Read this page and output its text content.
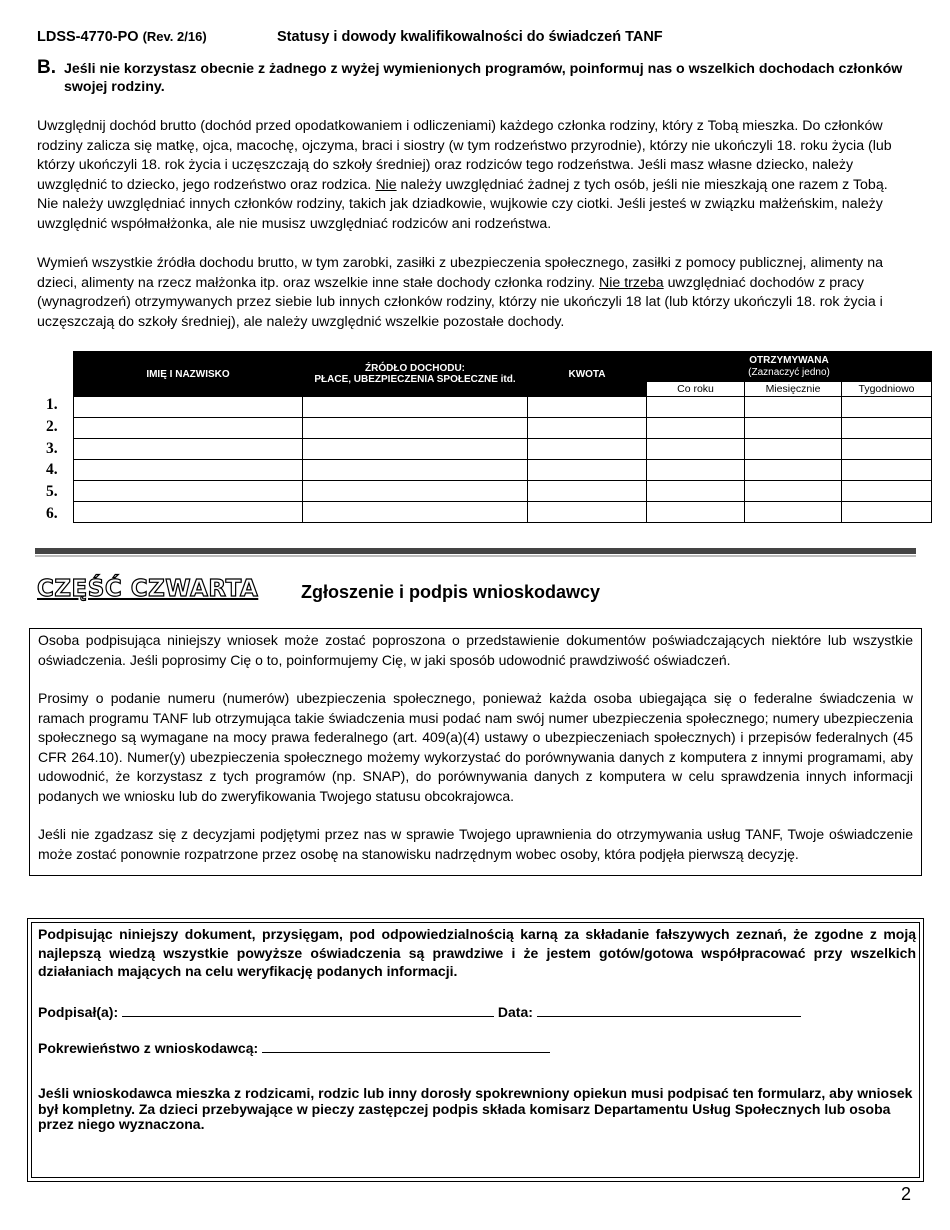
LDSS-4770-PO (Rev. 2/16)	Statusy i dowody kwalifikowalności do świadczeń TANF
B. Jeśli nie korzystasz obecnie z żadnego z wyżej wymienionych programów, poinformuj nas o wszelkich dochodach członków swojej rodziny.
Uwzględnij dochód brutto (dochód przed opodatkowaniem i odliczeniami) każdego członka rodziny, który z Tobą mieszka. Do członków rodziny zalicza się matkę, ojca, macochę, ojczyma, braci i siostry (w tym rodzeństwo przyrodnie), którzy nie ukończyli 18. roku życia (lub którzy ukończyli 18. rok życia i uczęszczają do szkoły średniej) oraz rodziców tego rodzeństwa. Jeśli masz własne dziecko, należy uwzględnić to dziecko, jego rodzeństwo oraz rodzica. Nie należy uwzględniać żadnej z tych osób, jeśli nie mieszkają one razem z Tobą. Nie należy uwzględniać innych członków rodziny, takich jak dziadkowie, wujkowie czy ciotki. Jeśli jesteś w związku małżeńskim, należy uwzględnić współmałżonka, ale nie musisz uwzględniać rodziców ani rodzeństwa.
Wymień wszystkie źródła dochodu brutto, w tym zarobki, zasiłki z ubezpieczenia społecznego, zasiłki z pomocy publicznej, alimenty na dzieci, alimenty na rzecz małżonka itp. oraz wszelkie inne stałe dochody członka rodziny. Nie trzeba uwzględniać dochodów z pracy (wynagrodzeń) otrzymywanych przez siebie lub innych członków rodziny, którzy nie ukończyli 18 lat (lub którzy ukończyli 18. rok życia i uczęszczają do szkoły średniej), ale należy uwzględnić wszelkie pozostałe dochody.
IMIĘ I NAZWISKO	ŹRÓDŁO DOCHODU:
PŁACE, UBEZPIECZENIA SPOŁECZNE itd.	KWOTA	OTRZYMYWANA
(Zaznaczyć jedno)		
			Co roku	Miesięcznie	Tygodniowo

1.
2.
3.
4.
5.
6.
CZĘŚĆ CZWARTA Zgłoszenie i podpis wnioskodawcy

Osoba podpisująca niniejszy wniosek może zostać poproszona o przedstawienie dokumentów poświadczających niektóre lub wszystkie oświadczenia. Jeśli poprosimy Cię o to, poinformujemy Cię, w jaki sposób udowodnić prawdziwość oświadczeń.

Prosimy o podanie numeru (numerów) ubezpieczenia społecznego, ponieważ każda osoba ubiegająca się o federalne świadczenia w ramach programu TANF lub otrzymująca takie świadczenia musi podać nam swój numer ubezpieczenia społecznego; numery ubezpieczenia społecznego są wymagane na mocy prawa federalnego (art. 409(a)(4) ustawy o ubezpieczeniach społecznych) i przepisów federalnych (45 CFR 264.10). Numer(y) ubezpieczenia społecznego możemy wykorzystać do porównywania danych z komputera z innymi programami, aby udowodnić, że korzystasz z tych programów (np. SNAP), do porównywania danych z komputera w celu sprawdzenia innych informacji podanych we wniosku lub do zweryfikowania Twojego statusu obcokrajowca.

Jeśli nie zgadzasz się z decyzjami podjętymi przez nas w sprawie Twojego uprawnienia do otrzymywania usług TANF, Twoje oświadczenie może zostać ponownie rozpatrzone przez osobę na stanowisku nadrzędnym wobec osoby, która podjęła pierwszą decyzję.

Podpisując niniejszy dokument, przysięgam, pod odpowiedzialnością karną za składanie fałszywych zeznań, że zgodne z moją najlepszą wiedzą wszystkie powyższe oświadczenia są prawdziwe i że jestem gotów/gotowa współpracować przy wszelkich działaniach mających na celu weryfikację podanych informacji.
Podpisał(a):	Data:
Pokrewieństwo z wnioskodawcą:
Jeśli wnioskodawca mieszka z rodzicami, rodzic lub inny dorosły spokrewniony opiekun musi podpisać ten formularz, aby wniosek był kompletny. Za dzieci przebywające w pieczy zastępczej podpis składa komisarz Departamentu Usług Społecznych lub osoba przez niego wyznaczona.
2
